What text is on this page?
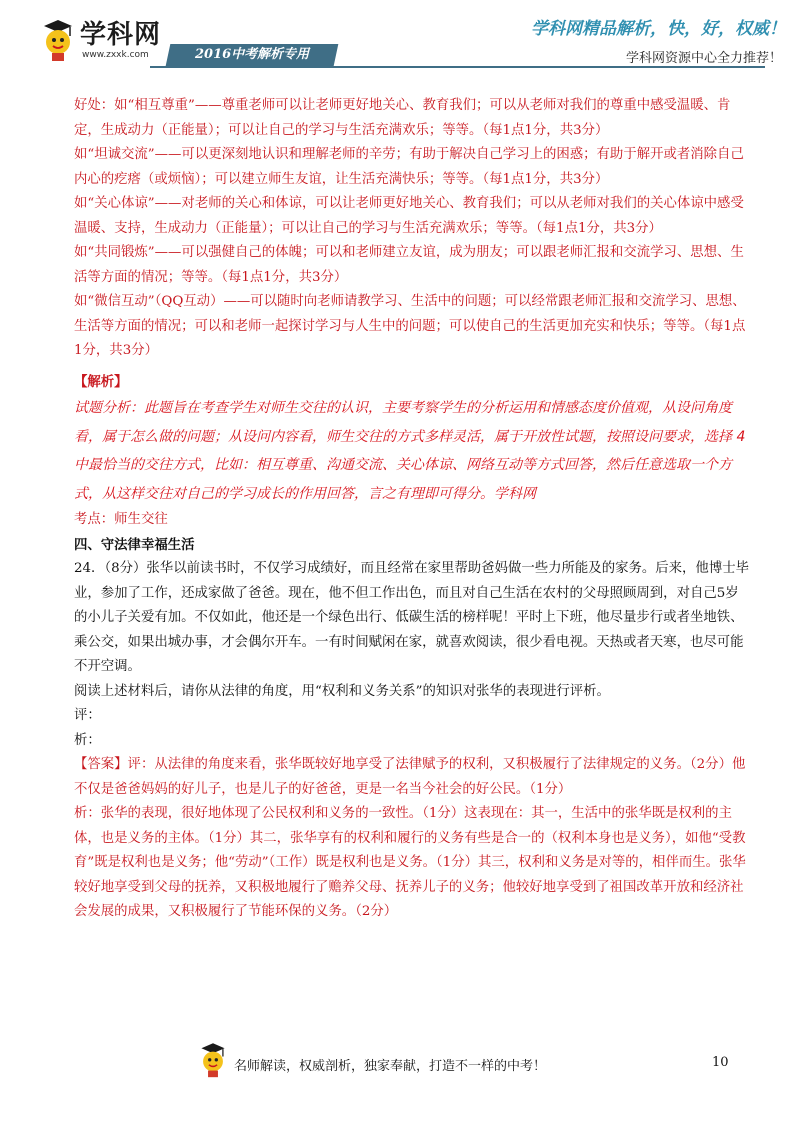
学科网
www.zxxk.com	2016中考解析专用
学科网精品解析，快，好，权威！
学科网资源中心全力推荐！

好处：如“相互尊重”——尊重老师可以让老师更好地关心、教育我们；可以从老师对我们的尊重中感受温暖、肯定，生成动力（正能量）；可以让自己的学习与生活充满欢乐；等等。（每1点1分，共3分）

如“坦诚交流”——可以更深刻地认识和理解老师的辛劳；有助于解决自己学习上的困惑；有助于解开或者消除自己内心的疙瘩（或烦恼）；可以建立师生友谊，让生活充满快乐；等等。（每1点1分，共3分）

如“关心体谅”——对老师的关心和体谅，可以让老师更好地关心、教育我们；可以从老师对我们的关心体谅中感受温暖、支持，生成动力（正能量）；可以让自己的学习与生活充满欢乐；等等。（每1点1分，共3分）

如“共同锻炼”——可以强健自己的体魄；可以和老师建立友谊，成为朋友；可以跟老师汇报和交流学习、思想、生活等方面的情况；等等。（每1点1分，共3分）

如“微信互动”（QQ互动）——可以随时向老师请教学习、生活中的问题；可以经常跟老师汇报和交流学习、思想、生活等方面的情况；可以和老师一起探讨学习与人生中的问题；可以使自己的生活更加充实和快乐；等等。（每1点1分，共3分）

【解析】

试题分析：此题旨在考查学生对师生交往的认识，主要考察学生的分析运用和情感态度价值观，从设问角度看，属于怎么做的问题；从设问内容看，师生交往的方式多样灵活，属于开放性试题，按照设问要求，选择 4 中最恰当的交往方式，比如：相互尊重、沟通交流、关心体谅、网络互动等方式回答，然后任意选取一个方式，从这样交往对自己的学习成长的作用回答，言之有理即可得分。学科网

考点：师生交往

四、守法律幸福生活

24．（8分）张华以前读书时，不仅学习成绩好，而且经常在家里帮助爸妈做一些力所能及的家务。后来，他博士毕业，参加了工作，还成家做了爸爸。现在，他不但工作出色，而且对自己生活在农村的父母照顾周到，对自己5岁的小儿子关爱有加。不仅如此，他还是一个绿色出行、低碳生活的榜样呢！平时上下班，他尽量步行或者坐地铁、乘公交，如果出城办事，才会偶尔开车。一有时间赋闲在家，就喜欢阅读，很少看电视。天热或者天寒，也尽可能不开空调。

阅读上述材料后，请你从法律的角度，用“权利和义务关系”的知识对张华的表现进行评析。

评：

析：

【答案】评：从法律的角度来看，张华既较好地享受了法律赋予的权利，又积极履行了法律规定的义务。（2分）他不仅是爸爸妈妈的好儿子，也是儿子的好爸爸，更是一名当今社会的好公民。（1分）

析：张华的表现，很好地体现了公民权利和义务的一致性。（1分）这表现在：其一，生活中的张华既是权利的主体，也是义务的主体。（1分）其二，张华享有的权利和履行的义务有些是合一的（权利本身也是义务），如他“受教育”既是权利也是义务；他“劳动”（工作）既是权利也是义务。（1分）其三，权利和义务是对等的，相伴而生。张华较好地享受到父母的抚养，又积极地履行了赡养父母、抚养儿子的义务；他较好地享受到了祖国改革开放和经济社会发展的成果，又积极履行了节能环保的义务。（2分）

名师解读，权威剖析，独家奉献，打造不一样的中考！	10
